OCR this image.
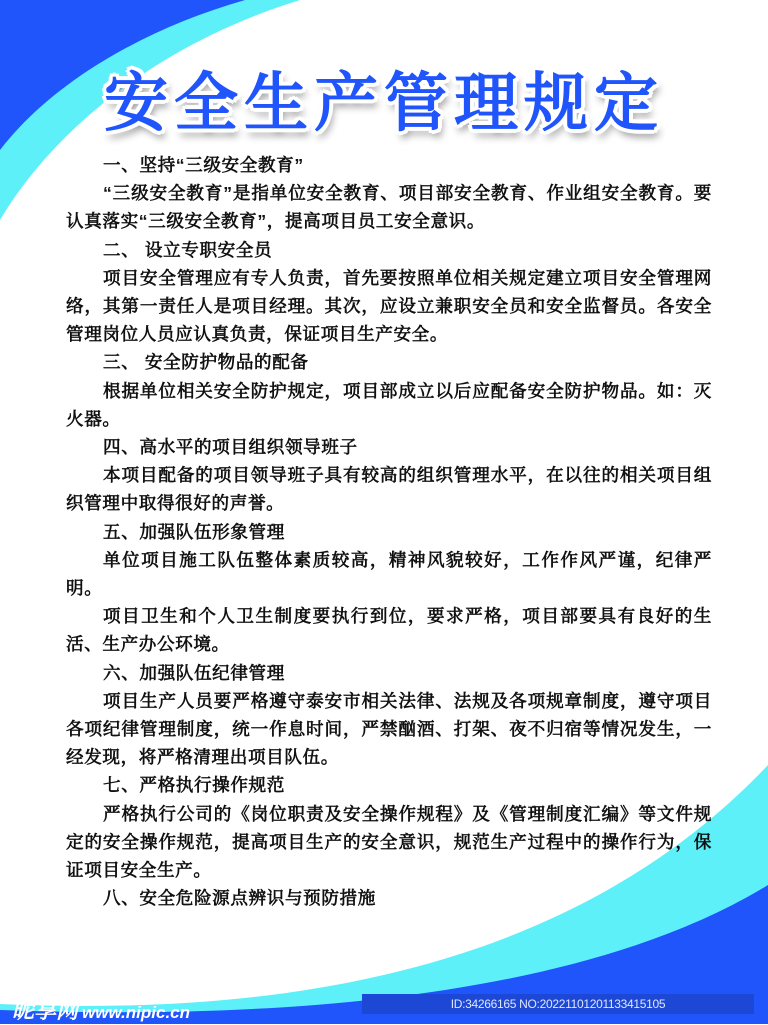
安全生产管理规定

一、坚持“三级安全教育”

“三级安全教育”是指单位安全教育、项目部安全教育、作业组安全教育。要认真落实“三级安全教育”，提高项目员工安全意识。

二、 设立专职安全员

项目安全管理应有专人负责，首先要按照单位相关规定建立项目安全管理网络，其第一责任人是项目经理。其次，应设立兼职安全员和安全监督员。各安全管理岗位人员应认真负责，保证项目生产安全。

三、 安全防护物品的配备

根据单位相关安全防护规定，项目部成立以后应配备安全防护物品。如：灭火器。

四、高水平的项目组织领导班子

本项目配备的项目领导班子具有较高的组织管理水平，在以往的相关项目组织管理中取得很好的声誉。

五、加强队伍形象管理

单位项目施工队伍整体素质较高，精神风貌较好，工作作风严谨，纪律严明。

项目卫生和个人卫生制度要执行到位，要求严格，项目部要具有良好的生活、生产办公环境。

六、加强队伍纪律管理

项目生产人员要严格遵守泰安市相关法律、法规及各项规章制度，遵守项目各项纪律管理制度，统一作息时间，严禁酗酒、打架、夜不归宿等情况发生，一经发现，将严格清理出项目队伍。

七、严格执行操作规范

严格执行公司的《岗位职责及安全操作规程》及《管理制度汇编》等文件规定的安全操作规范，提高项目生产的安全意识，规范生产过程中的操作行为，保证项目安全生产。

八、安全危险源点辨识与预防措施

昵享网 www.nipic.cn	ID:34266165 NO:20221101201133415105
